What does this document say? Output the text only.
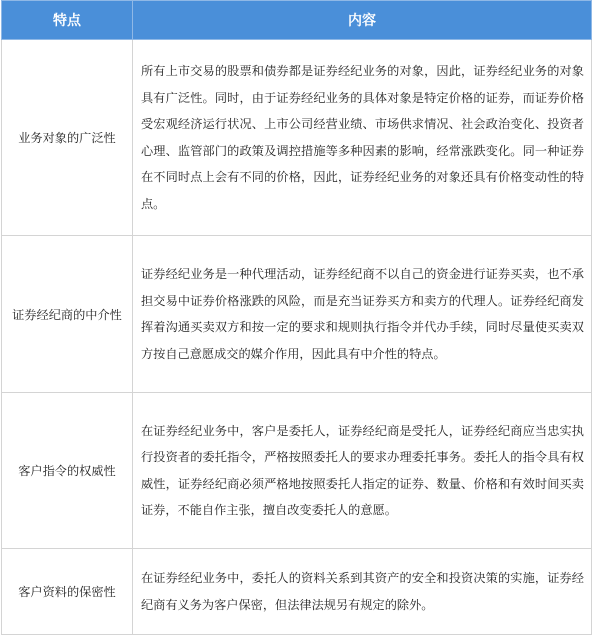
特点	内容
业务对象的广泛性	所有上市交易的股票和债券都是证券经纪业务的对象，因此，证券经纪业务的对象具有广泛性。同时，由于证券经纪业务的具体对象是特定价格的证券，而证券价格受宏观经济运行状况、上市公司经营业绩、市场供求情况、社会政治变化、投资者心理、监管部门的政策及调控措施等多种因素的影响，经常涨跌变化。同一种证券在不同时点上会有不同的价格，因此，证券经纪业务的对象还具有价格变动性的特点。
证券经纪商的中介性	证券经纪业务是一种代理活动，证券经纪商不以自己的资金进行证券买卖，也不承担交易中证券价格涨跌的风险，而是充当证券买方和卖方的代理人。证券经纪商发挥着沟通买卖双方和按一定的要求和规则执行指令并代办手续，同时尽量使买卖双方按自己意愿成交的媒介作用，因此具有中介性的特点。
客户指令的权威性	在证券经纪业务中，客户是委托人，证券经纪商是受托人，证券经纪商应当忠实执行投资者的委托指令，严格按照委托人的要求办理委托事务。委托人的指令具有权威性，证券经纪商必须严格地按照委托人指定的证券、数量、价格和有效时间买卖证券，不能自作主张，擅自改变委托人的意愿。
客户资料的保密性	在证券经纪业务中，委托人的资料关系到其资产的安全和投资决策的实施，证券经纪商有义务为客户保密，但法律法规另有规定的除外。
